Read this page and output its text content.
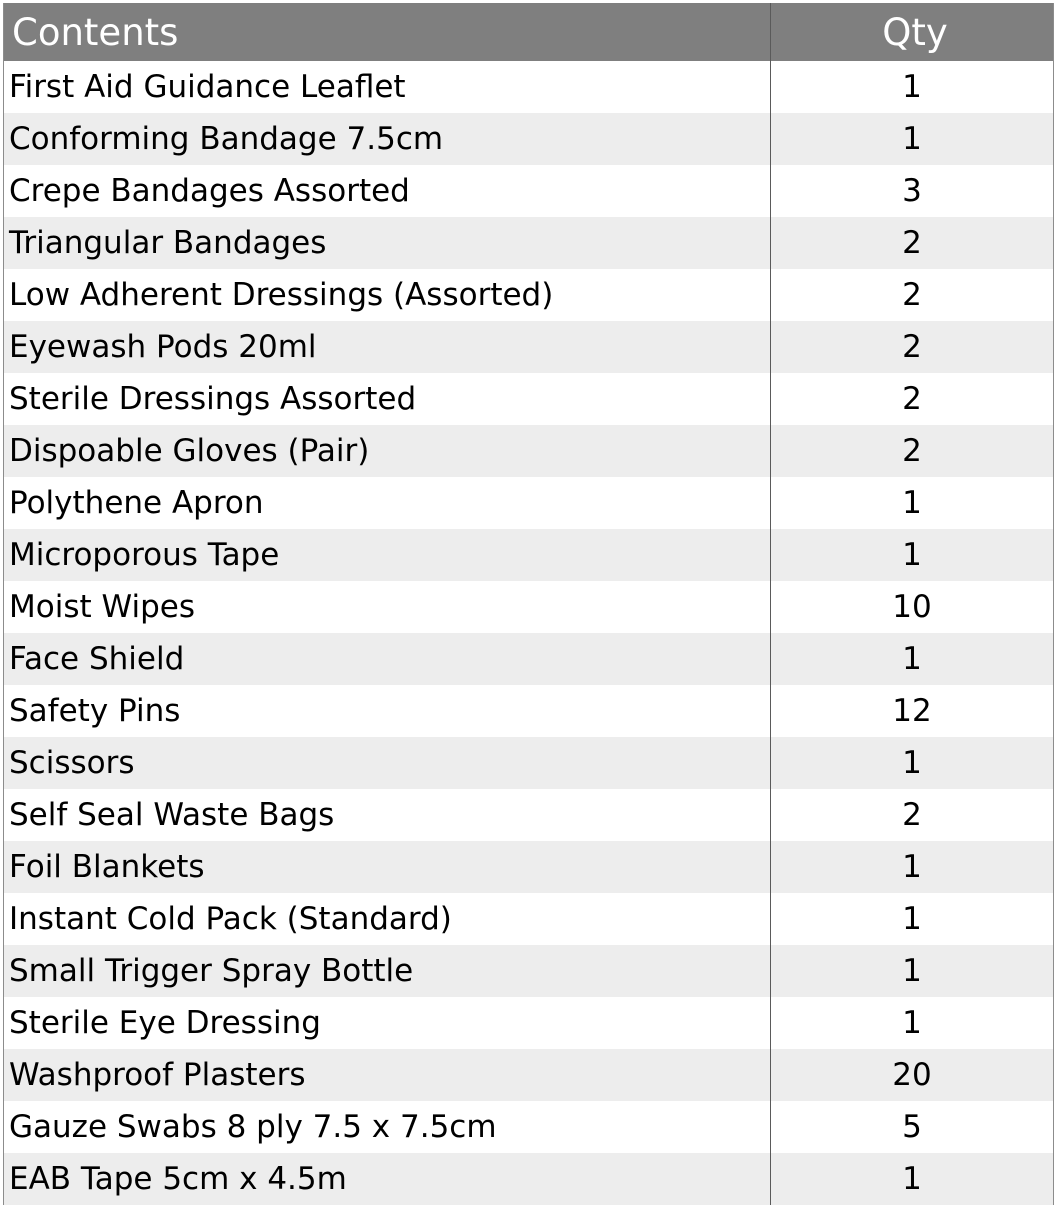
Contents	Qty
First Aid Guidance Leaflet	1
Conforming Bandage 7.5cm	1
Crepe Bandages Assorted	3
Triangular Bandages	2
Low Adherent Dressings (Assorted)	2
Eyewash Pods 20ml	2
Sterile Dressings Assorted	2
Dispoable Gloves (Pair)	2
Polythene Apron	1
Microporous Tape	1
Moist Wipes	10
Face Shield	1
Safety Pins	12
Scissors	1
Self Seal Waste Bags	2
Foil Blankets	1
Instant Cold Pack (Standard)	1
Small Trigger Spray Bottle	1
Sterile Eye Dressing	1
Washproof Plasters	20
Gauze Swabs 8 ply 7.5 x 7.5cm	5
EAB Tape 5cm x 4.5m	1
